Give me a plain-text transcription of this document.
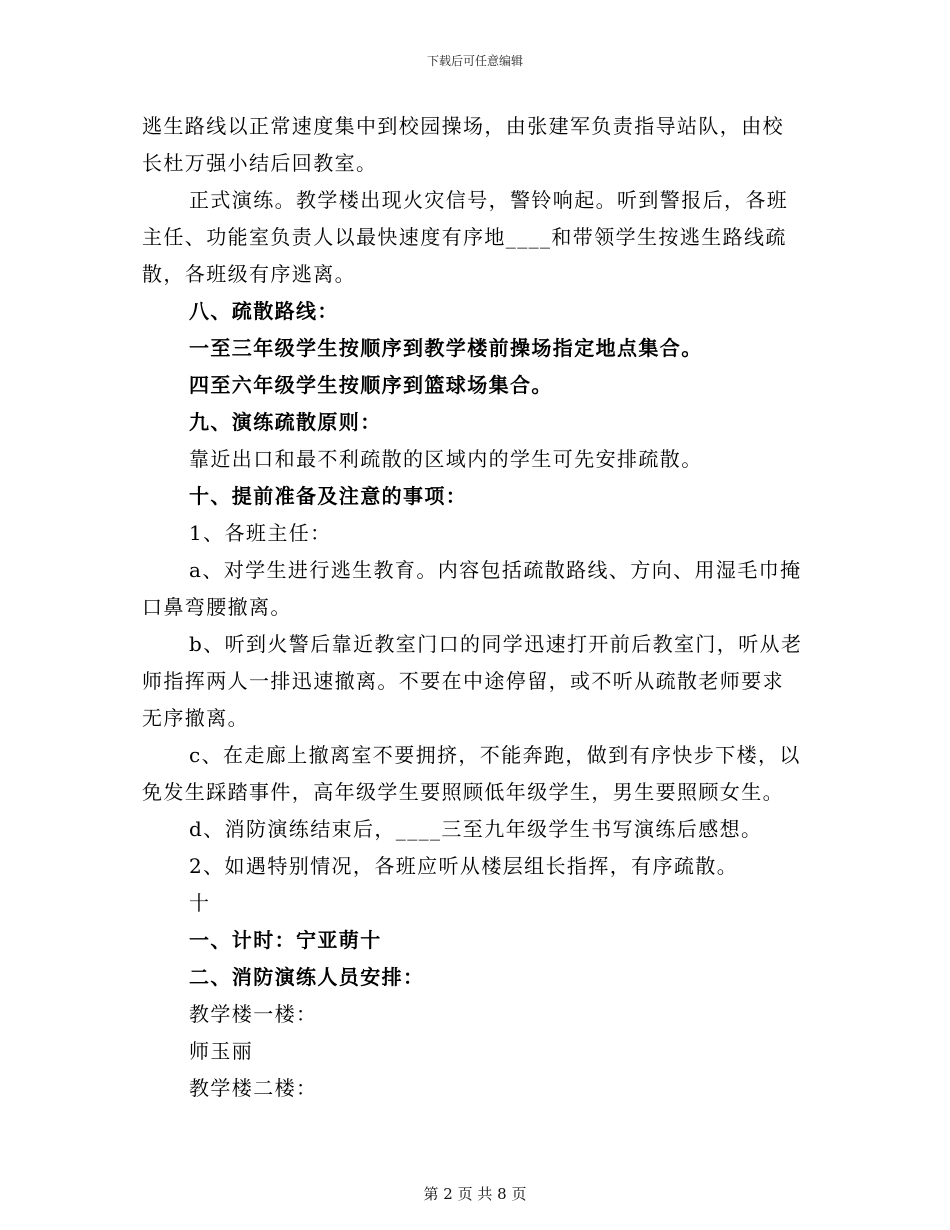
下载后可任意编辑
逃生路线以正常速度集中到校园操场，由张建军负责指导站队，由校
长杜万强小结后回教室。
正式演练。教学楼出现火灾信号，警铃响起。听到警报后，各班
主任、功能室负责人以最快速度有序地____和带领学生按逃生路线疏
散，各班级有序逃离。
八、疏散路线：
一至三年级学生按顺序到教学楼前操场指定地点集合。
四至六年级学生按顺序到篮球场集合。
九、演练疏散原则：
靠近出口和最不利疏散的区域内的学生可先安排疏散。
十、提前准备及注意的事项：
1、各班主任：
a、对学生进行逃生教育。内容包括疏散路线、方向、用湿毛巾掩
口鼻弯腰撤离。
b、听到火警后靠近教室门口的同学迅速打开前后教室门，听从老
师指挥两人一排迅速撤离。不要在中途停留，或不听从疏散老师要求
无序撤离。
c、在走廊上撤离室不要拥挤，不能奔跑，做到有序快步下楼，以
免发生踩踏事件，高年级学生要照顾低年级学生，男生要照顾女生。
d、消防演练结束后，____三至九年级学生书写演练后感想。
2、如遇特别情况，各班应听从楼层组长指挥，有序疏散。
十
一、计时：宁亚萌十
二、消防演练人员安排：
教学楼一楼：
师玉丽
教学楼二楼：
第 2 页 共 8 页
